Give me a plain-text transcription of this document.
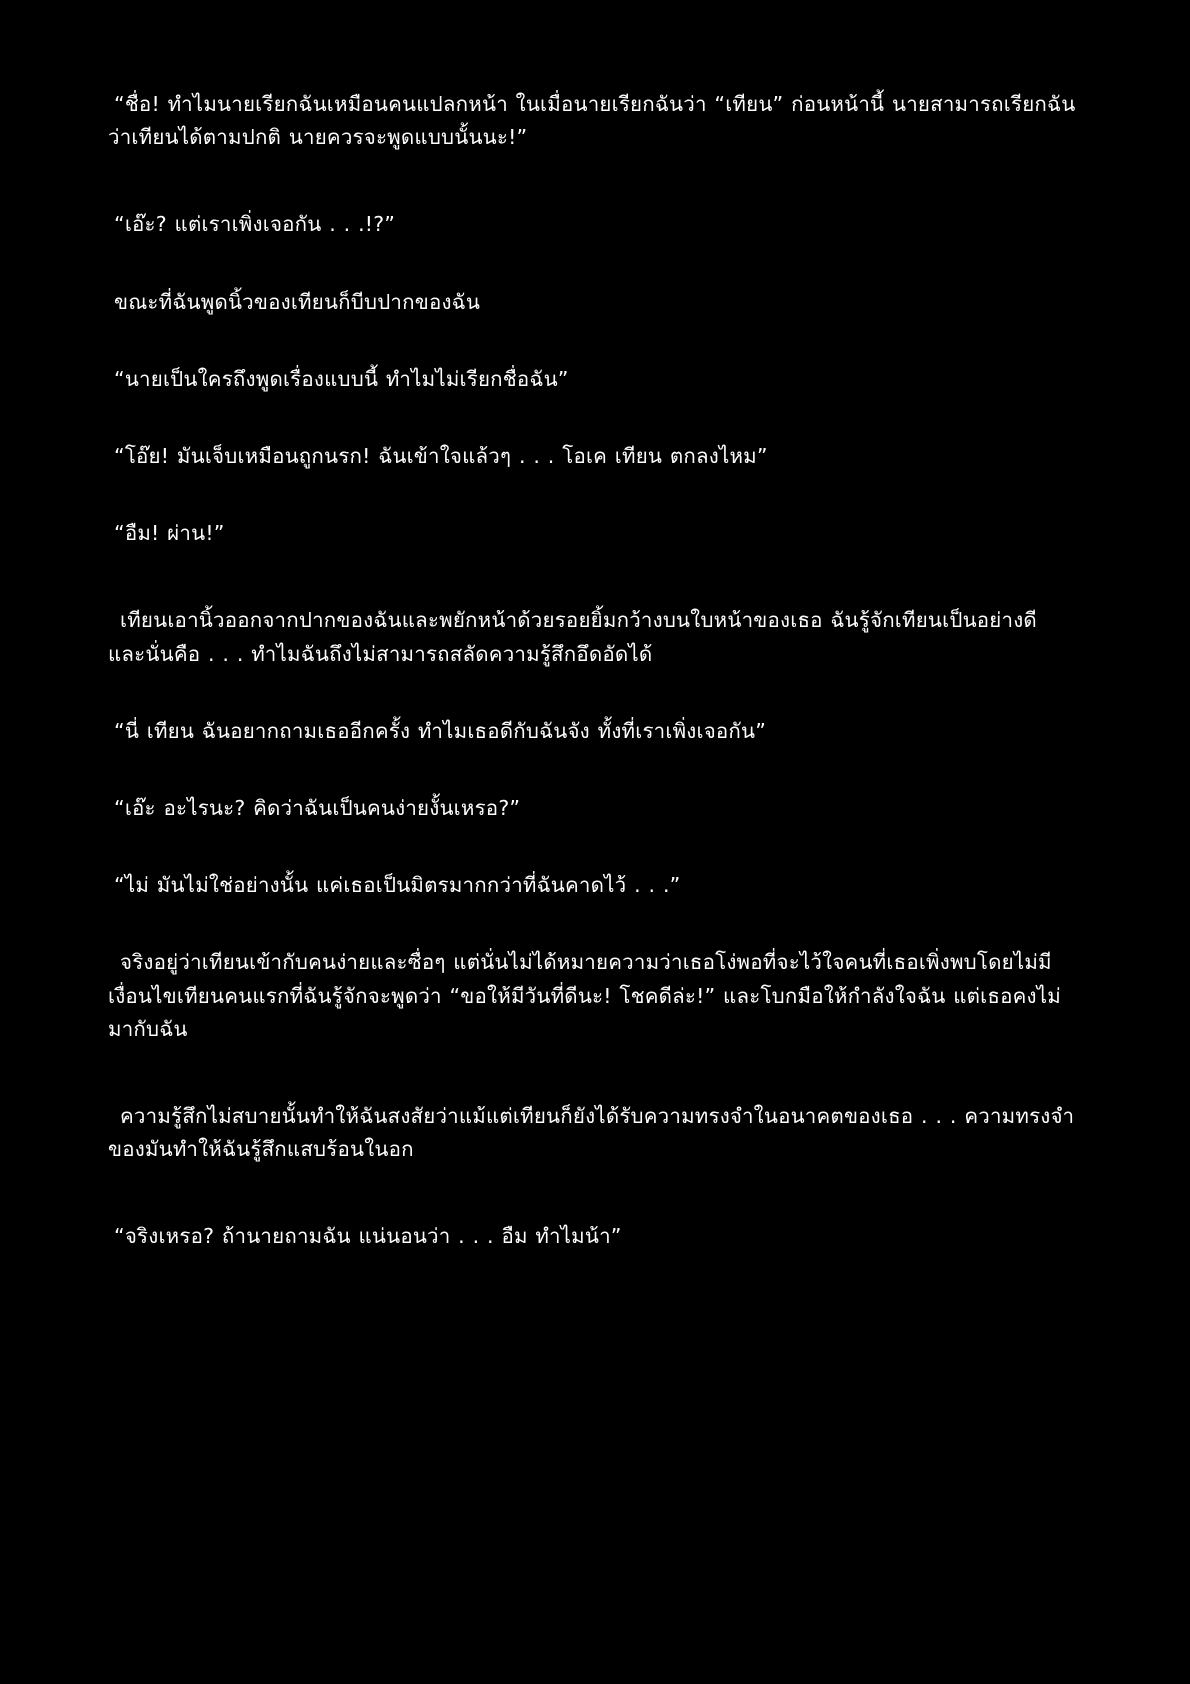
“ชื่อ! ทำไมนายเรียกฉันเหมือนคนแปลกหน้า ในเมื่อนายเรียกฉันว่า “เทียน” ก่อนหน้านี้ นายสามารถเรียกฉันว่าเทียนได้ตามปกติ นายควรจะพูดแบบนั้นนะ!”

“เอ๊ะ? แต่เราเพิ่งเจอกัน . . .!?”

ขณะที่ฉันพูดนิ้วของเทียนก็บีบปากของฉัน

“นายเป็นใครถึงพูดเรื่องแบบนี้ ทำไมไม่เรียกชื่อฉัน”

“โอ๊ย! มันเจ็บเหมือนถูกนรก! ฉันเข้าใจแล้วๆ . . . โอเค เทียน ตกลงไหม”

“อืม! ผ่าน!”

เทียนเอานิ้วออกจากปากของฉันและพยักหน้าด้วยรอยยิ้มกว้างบนใบหน้าของเธอ ฉันรู้จักเทียนเป็นอย่างดี และนั่นคือ . . . ทำไมฉันถึงไม่สามารถสลัดความรู้สึกอึดอัดได้

“นี่ เทียน ฉันอยากถามเธออีกครั้ง ทำไมเธอดีกับฉันจัง ทั้งที่เราเพิ่งเจอกัน”

“เอ๊ะ อะไรนะ? คิดว่าฉันเป็นคนง่ายงั้นเหรอ?”

“ไม่ มันไม่ใช่อย่างนั้น แค่เธอเป็นมิตรมากกว่าที่ฉันคาดไว้ . . .”

จริงอยู่ว่าเทียนเข้ากับคนง่ายและซื่อๆ แต่นั่นไม่ได้หมายความว่าเธอโง่พอที่จะไว้ใจคนที่เธอเพิ่งพบโดยไม่มีเงื่อนไขเทียนคนแรกที่ฉันรู้จักจะพูดว่า “ขอให้มีวันที่ดีนะ! โชคดีล่ะ!” และโบกมือให้กำลังใจฉัน แต่เธอคงไม่มากับฉัน

ความรู้สึกไม่สบายนั้นทำให้ฉันสงสัยว่าแม้แต่เทียนก็ยังได้รับความทรงจำในอนาคตของเธอ . . . ความทรงจำของมันทำให้ฉันรู้สึกแสบร้อนในอก

“จริงเหรอ? ถ้านายถามฉัน แน่นอนว่า . . . อืม ทำไมน้า”
